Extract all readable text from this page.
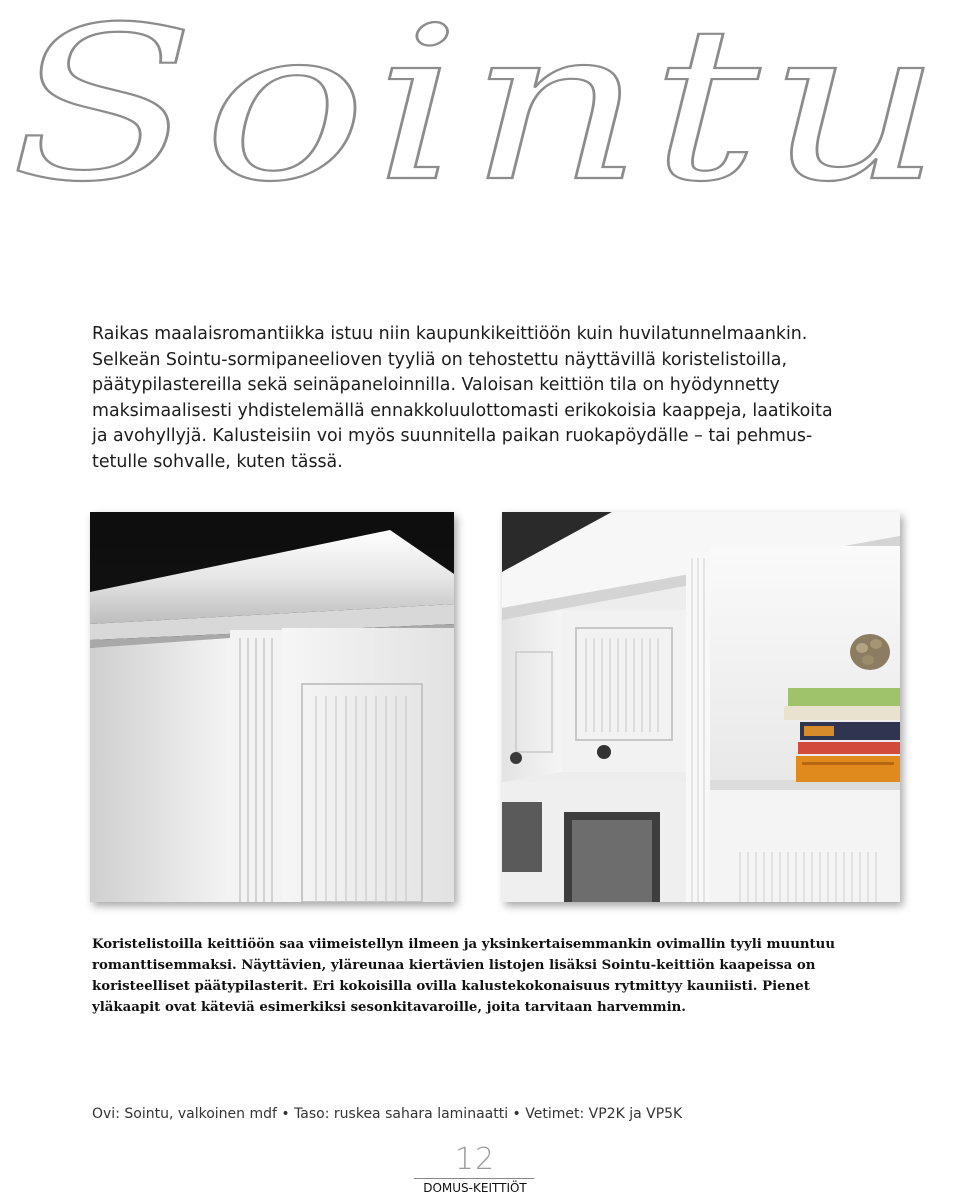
Sointu

Raikas maalaisromantiikka istuu niin kaupunkikeittiöön kuin huvilatunnelmaankin.
Selkeän Sointu-sormipaneelioven tyyliä on tehostettu näyttävillä koristelistoilla,
päätypilastereilla sekä seinäpaneloinnilla. Valoisan keittiön tila on hyödynnetty
maksimaalisesti yhdistelemällä ennakkoluulottomasti erikokoisia kaappeja, laatikoita
ja avohyllyjä. Kalusteisiin voi myös suunnitella paikan ruokapöydälle – tai pehmus-
tetulle sohvalle, kuten tässä.

Koristelistoilla keittiöön saa viimeistellyn ilmeen ja yksinkertaisemmankin ovimallin tyyli muuntuu
romanttisemmaksi. Näyttävien, yläreunaa kiertävien listojen lisäksi Sointu-keittiön kaapeissa on
koristeelliset päätypilasterit. Eri kokoisilla ovilla kalustekokonaisuus rytmittyy kauniisti. Pienet
yläkaapit ovat käteviä esimerkiksi sesonkitavaroille, joita tarvitaan harvemmin.

Ovi: Sointu, valkoinen mdf • Taso: ruskea sahara laminaatti • Vetimet: VP2K ja VP5K
12
DOMUS-KEITTIÖT
